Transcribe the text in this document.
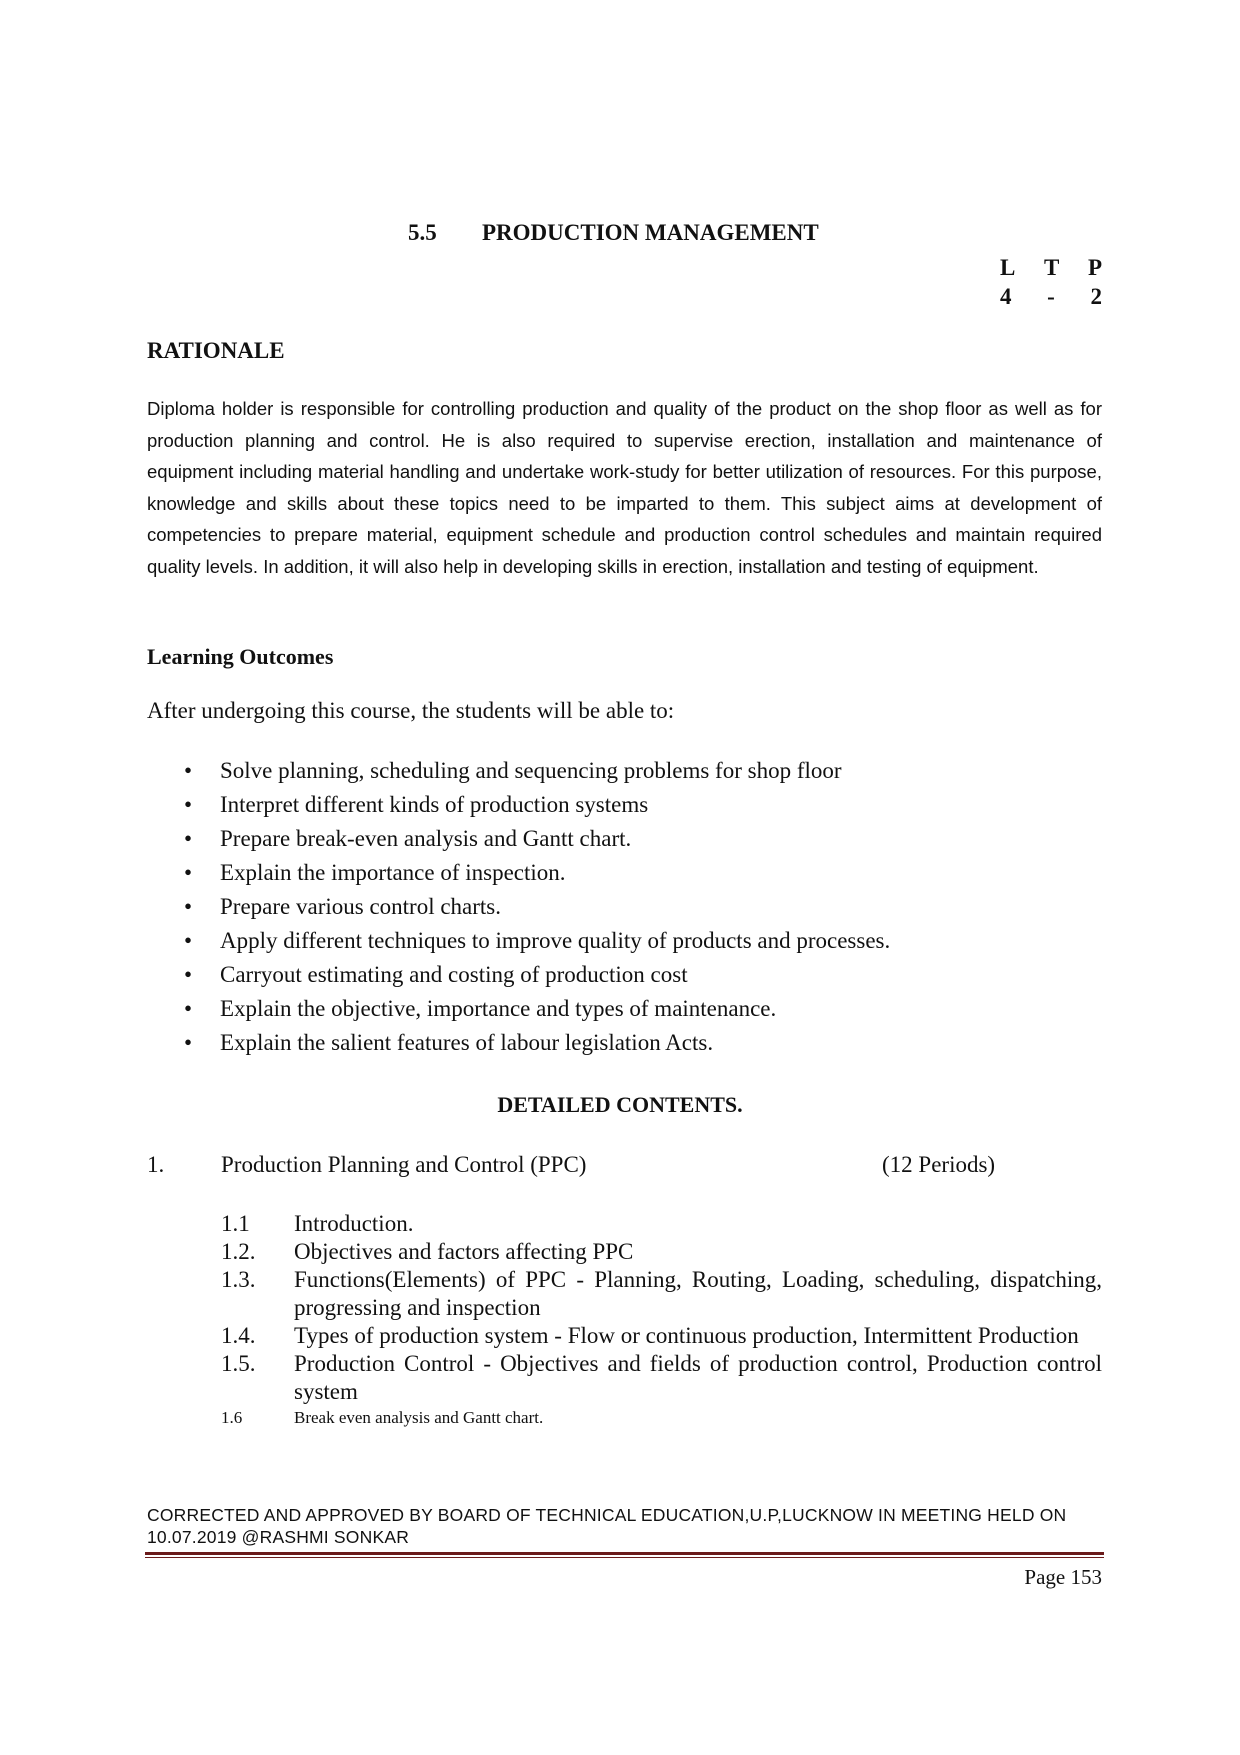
5.5 PRODUCTION MANAGEMENT
L T P
4 - 2
RATIONALE
Diploma holder is responsible for controlling production and quality of the product on the shop floor as well as for production planning and control. He is also required to supervise erection, installation and maintenance of equipment including material handling and undertake work-study for better utilization of resources. For this purpose, knowledge and skills about these topics need to be imparted to them. This subject aims at development of competencies to prepare material, equipment schedule and production control schedules and maintain required quality levels. In addition, it will also help in developing skills in erection, installation and testing of equipment.
Learning Outcomes
After undergoing this course, the students will be able to:
• Solve planning, scheduling and sequencing problems for shop floor
• Interpret different kinds of production systems
• Prepare break-even analysis and Gantt chart.
• Explain the importance of inspection.
• Prepare various control charts.
• Apply different techniques to improve quality of products and processes.
• Carryout estimating and costing of production cost
• Explain the objective, importance and types of maintenance.
• Explain the salient features of labour legislation Acts.
DETAILED CONTENTS.
1. Production Planning and Control (PPC)	(12 Periods)
1.1	Introduction.
1.2.	Objectives and factors affecting PPC
1.3.	Functions(Elements) of PPC - Planning, Routing, Loading, scheduling, dispatching, progressing and inspection
1.4.	Types of production system - Flow or continuous production, Intermittent Production
1.5.	Production Control - Objectives and fields of production control, Production control system
1.6	Break even analysis and Gantt chart.
CORRECTED AND APPROVED BY BOARD OF TECHNICAL EDUCATION,U.P,LUCKNOW IN MEETING HELD ON 10.07.2019 @RASHMI SONKAR
Page 153
